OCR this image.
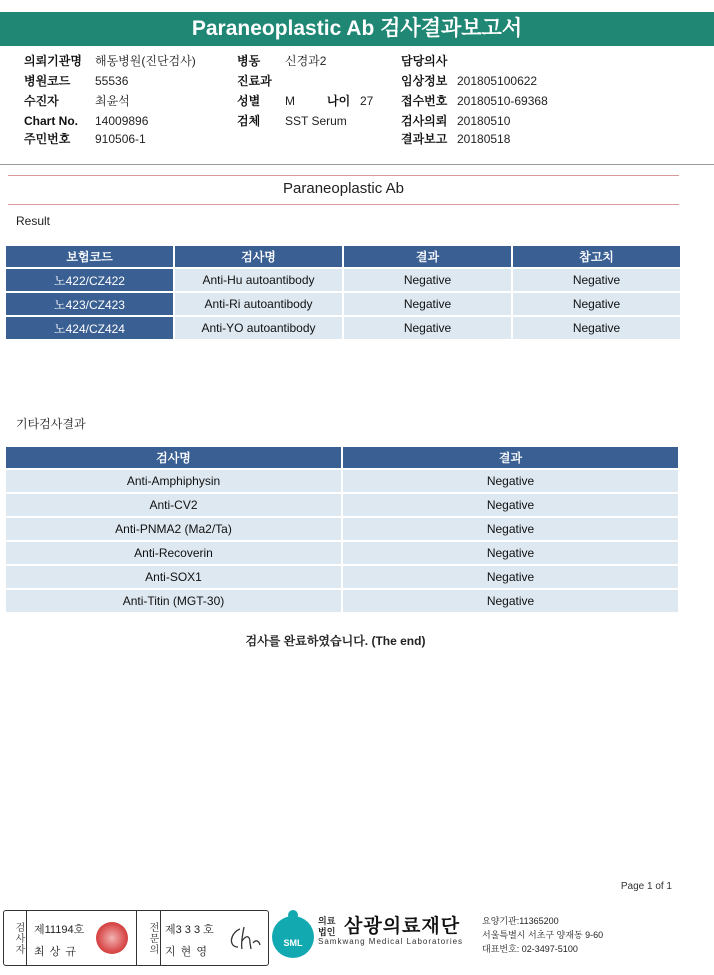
Paraneoplastic Ab 검사결과보고서
의뢰기관명 해동병원(진단검사)	병동 신경과2	담당의사
병원코드 55536	진료과	임상정보 201805100622
수진자	최윤석	성별 M	나이 27 접수번호 20180510-69368
Chart No. 14009896	검체 SST Serum	검사의뢰 20180510
주민번호 910506-1	결과보고 20180518
Paraneoplastic Ab
Result
보험코드	검사명	결과	참고치
노422/CZ422	Anti-Hu autoantibody	Negative	Negative
노423/CZ423	Anti-Ri autoantibody	Negative	Negative
노424/CZ424	Anti-YO autoantibody	Negative	Negative
기타검사결과
검사명	결과
Anti-Amphiphysin	Negative
Anti-CV2	Negative
Anti-PNMA2 (Ma2/Ta)	Negative
Anti-Recoverin	Negative
Anti-SOX1	Negative
Anti-Titin (MGT-30)	Negative
검사를 완료하였습니다. (The end)
Page 1 of 1
검사자 제11194호
최 상 규	전문의 제3 3 3 호
지 현 영
SML
의료
법인 삼광의료재단
Samkwang Medical Laboratories
요양기관:11365200
서울특별시 서초구 양재동 9-60
대표번호: 02-3497-5100
